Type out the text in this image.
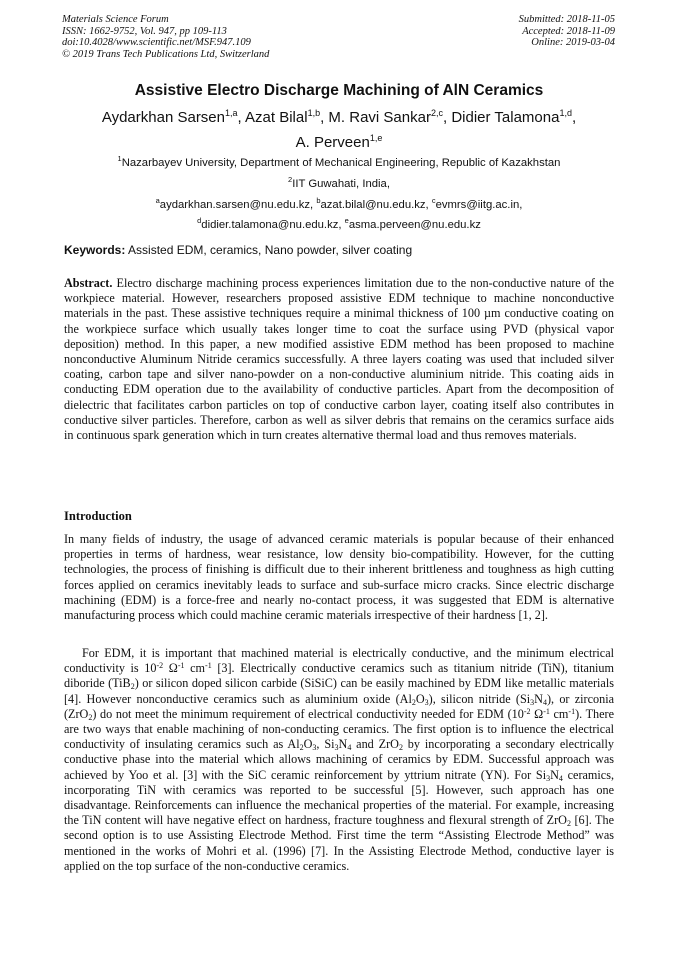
Materials Science Forum
ISSN: 1662-9752, Vol. 947, pp 109-113
doi:10.4028/www.scientific.net/MSF.947.109
© 2019 Trans Tech Publications Ltd, Switzerland
Submitted: 2018-11-05
Accepted: 2018-11-09
Online: 2019-03-04
Assistive Electro Discharge Machining of AlN Ceramics
Aydarkhan Sarsen$^{1,a}$, Azat Bilal$^{1,b}$, M. Ravi Sankar$^{2,c}$, Didier Talamona$^{1,d}$,
A. Perveen$^{1,e}$
$^1$Nazarbayev University, Department of Mechanical Engineering, Republic of Kazakhstan
$^2$IIT Guwahati, India,
$^a$aydarkhan.sarsen@nu.edu.kz, $^b$azat.bilal@nu.edu.kz, $^c$evmrs@iitg.ac.in,
$^d$didier.talamona@nu.edu.kz, $^e$asma.perveen@nu.edu.kz
Keywords: Assisted EDM, ceramics, Nano powder, silver coating
Abstract. Electro discharge machining process experiences limitation due to the non-conductive nature of the workpiece material. However, researchers proposed assistive EDM technique to machine nonconductive materials in the past. These assistive techniques require a minimal thickness of 100 µm conductive coating on the workpiece surface which usually takes longer time to coat the surface using PVD (physical vapor deposition) method. In this paper, a new modified assistive EDM method has been proposed to machine nonconductive Aluminum Nitride ceramics successfully. A three layers coating was used that included silver coating, carbon tape and silver nano-powder on a non-conductive aluminium nitride. This coating aids in conducting EDM operation due to the availability of conductive particles. Apart from the decomposition of dielectric that facilitates carbon particles on top of conductive carbon layer, coating itself also contributes in conductive silver particles. Therefore, carbon as well as silver debris that remains on the ceramics surface aids in continuous spark generation which in turn creates alternative thermal load and thus removes materials.
Introduction
In many fields of industry, the usage of advanced ceramic materials is popular because of their enhanced properties in terms of hardness, wear resistance, low density bio-compatibility. However, for the cutting technologies, the process of finishing is difficult due to their inherent brittleness and toughness as high cutting forces applied on ceramics inevitably leads to surface and sub-surface micro cracks. Since electric discharge machining (EDM) is a force-free and nearly no-contact process, it was suggested that EDM is alternative manufacturing process which could machine ceramic materials irrespective of their hardness [1, 2].
For EDM, it is important that machined material is electrically conductive, and the minimum electrical conductivity is $10^{-2}$ $\Omega^{-1}$ $cm^{-1}$ [3]. Electrically conductive ceramics such as titanium nitride (TiN), titanium diboride (TiB$_2$) or silicon doped silicon carbide (SiSiC) can be easily machined by EDM like metallic materials [4]. However nonconductive ceramics such as aluminium oxide $(Al_2O_3)$, silicon nitride $(Si_3N_4)$, or zirconia (ZrO$_2$) do not meet the minimum requirement of electrical conductivity needed for EDM ($10^{-2}$ $\Omega^{-1}$ $cm^{-1}$). There are two ways that enable machining of non-conducting ceramics. The first option is to influence the electrical conductivity of insulating ceramics such as $Al_2O_3$, $Si_3N_4$ and ZrO$_2$ by incorporating a secondary electrically conductive phase into the material which allows machining of ceramics by EDM. Successful approach was achieved by Yoo et al. [3] with the SiC ceramic reinforcement by yttrium nitrate (YN). For $Si_3N_4$ ceramics, incorporating TiN with ceramics was reported to be successful [5]. However, such approach has one disadvantage. Reinforcements can influence the mechanical properties of the material. For example, increasing the TiN content will have negative effect on hardness, fracture toughness and flexural strength of ZrO$_2$ [6]. The second option is to use Assisting Electrode Method. First time the term “Assisting Electrode Method” was mentioned in the works of Mohri et al. (1996) [7]. In the Assisting Electrode Method, conductive layer is applied on the top surface of the non-conductive ceramics.
